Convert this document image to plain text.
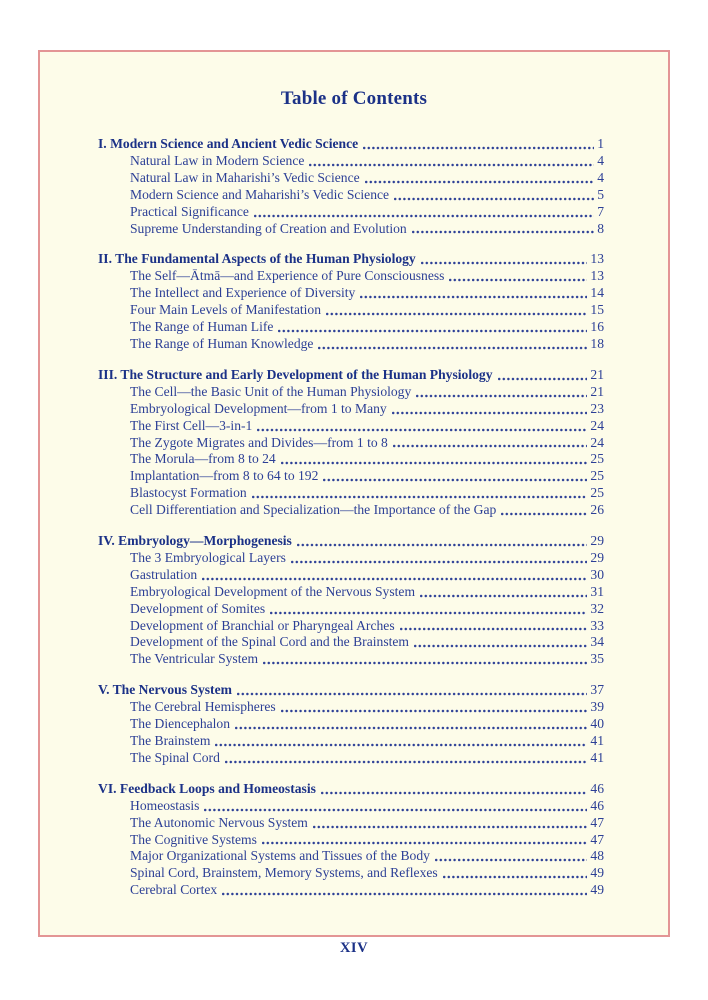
Table of Contents
I. Modern Science and Ancient Vedic Science	1
Natural Law in Modern Science	4
Natural Law in Maharishi’s Vedic Science	4
Modern Science and Maharishi’s Vedic Science	5
Practical Significance	7
Supreme Understanding of Creation and Evolution	8
II. The Fundamental Aspects of the Human Physiology	13
The Self—Ātmā—and Experience of Pure Consciousness	13
The Intellect and Experience of Diversity	14
Four Main Levels of Manifestation	15
The Range of Human Life	16
The Range of Human Knowledge	18
III. The Structure and Early Development of the Human Physiology	21
The Cell—the Basic Unit of the Human Physiology	21
Embryological Development—from 1 to Many	23
The First Cell—3-in-1	24
The Zygote Migrates and Divides—from 1 to 8	24
The Morula—from 8 to 24	25
Implantation—from 8 to 64 to 192	25
Blastocyst Formation	25
Cell Differentiation and Specialization—the Importance of the Gap	26
IV. Embryology—Morphogenesis	29
The 3 Embryological Layers	29
Gastrulation	30
Embryological Development of the Nervous System	31
Development of Somites	32
Development of Branchial or Pharyngeal Arches	33
Development of the Spinal Cord and the Brainstem	34
The Ventricular System	35
V. The Nervous System	37
The Cerebral Hemispheres	39
The Diencephalon	40
The Brainstem	41
The Spinal Cord	41
VI. Feedback Loops and Homeostasis	46
Homeostasis	46
The Autonomic Nervous System	47
The Cognitive Systems	47
Major Organizational Systems and Tissues of the Body	48
Spinal Cord, Brainstem, Memory Systems, and Reflexes	49
Cerebral Cortex	49
XIV
